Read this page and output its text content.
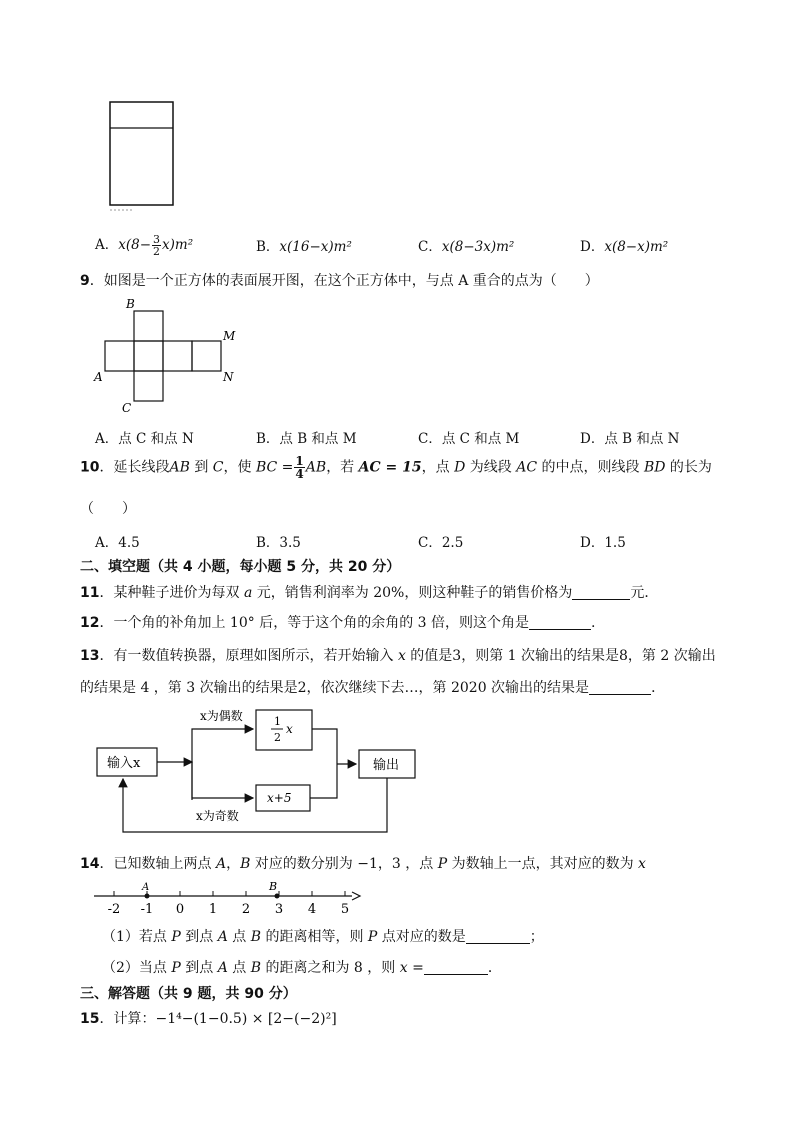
A．$x(8- \frac{3}{2} x)m^2$	B．x(16−x)m²	C．x(8−3x)m²	D．x(8−x)m²
9．如图是一个正方体的表面展开图，在这个正方体中，与点 A 重合的点为（　　）
B
M
A	N
C
A．点 C 和点 N	B．点 B 和点 M	C．点 C 和点 M	D．点 B 和点 N
10．延长线段AB 到 C，使 BC = $\frac{1}{4}$ AB，若 AC = 15，点 D 为线段 AC 的中点，则线段 BD 的长为
（　　）
A．4.5	B．3.5	C．2.5	D．1.5
二、填空题（共 4 小题，每小题 5 分，共 20 分）
11．某种鞋子进价为每双 a 元，销售利润率为 20%，则这种鞋子的销售价格为	元．
12．一个角的补角加上 10° 后，等于这个角的余角的 3 倍，则这个角是	.
13．有一数值转换器，原理如图所示，若开始输入 x 的值是3，则第 1 次输出的结果是8，第 2 次输出
的结果是 4 ，第 3 次输出的结果是2，依次继续下去…，第 2020 次输出的结果是	．
输入x
x为偶数
x为奇数
1
2
x
x+5
输出
14．已知数轴上两点 A，B 对应的数分别为 −1，3 ，点 P 为数轴上一点，其对应的数为 x
-2 -1 0 1 2 3 4 5
A	B
（1）若点 P 到点 A 点 B 的距离相等，则 P 点对应的数是	；
（2）当点 P 到点 A 点 B 的距离之和为 8 ，则 x =	．
三、解答题（共 9 题，共 90 分）
15．计算：−1⁴−(1−0.5) × [2−(−2)²]
